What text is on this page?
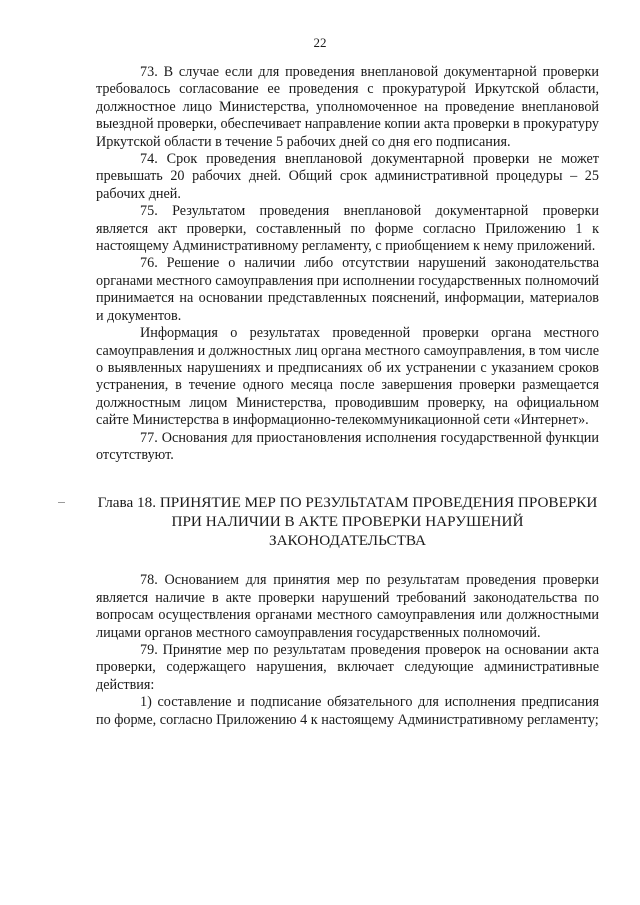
22

73. В случае если для проведения внеплановой документарной проверки требовалось согласование ее проведения с прокуратурой Иркутской области, должностное лицо Министерства, уполномоченное на проведение внеплановой выездной проверки, обеспечивает направление копии акта проверки в прокуратуру Иркутской области в течение 5 рабочих дней со дня его подписания.

74. Срок проведения внеплановой документарной проверки не может превышать 20 рабочих дней. Общий срок административной процедуры – 25 рабочих дней.

75. Результатом проведения внеплановой документарной проверки является акт проверки, составленный по форме согласно Приложению 1 к настоящему Административному регламенту, с приобщением к нему приложений.

76. Решение о наличии либо отсутствии нарушений законодательства органами местного самоуправления при исполнении государственных полномочий принимается на основании представленных пояснений, информации, материалов и документов.

Информация о результатах проведенной проверки органа местного самоуправления и должностных лиц органа местного самоуправления, в том числе о выявленных нарушениях и предписаниях об их устранении с указанием сроков устранения, в течение одного месяца после завершения проверки размещается должностным лицом Министерства, проводившим проверку, на официальном сайте Министерства в информационно-телекоммуникационной сети «Интернет».

77. Основания для приостановления исполнения государственной функции отсутствуют.

Глава 18. ПРИНЯТИЕ МЕР ПО РЕЗУЛЬТАТАМ ПРОВЕДЕНИЯ ПРОВЕРКИ ПРИ НАЛИЧИИ В АКТЕ ПРОВЕРКИ НАРУШЕНИЙ ЗАКОНОДАТЕЛЬСТВА

78. Основанием для принятия мер по результатам проведения проверки является наличие в акте проверки нарушений требований законодательства по вопросам осуществления органами местного самоуправления или должностными лицами органов местного самоуправления государственных полномочий.

79. Принятие мер по результатам проведения проверок на основании акта проверки, содержащего нарушения, включает следующие административные действия:

1) составление и подписание обязательного для исполнения предписания по форме, согласно Приложению 4 к настоящему Административному регламенту;
